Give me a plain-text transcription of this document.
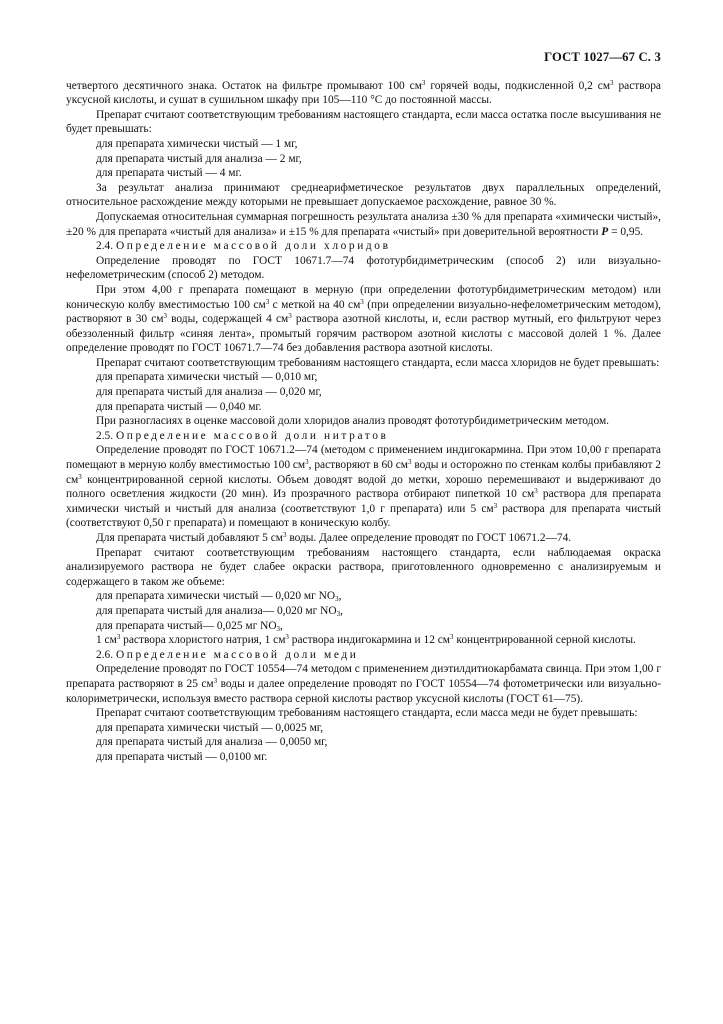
ГОСТ 1027—67 С. 3

четвертого десятичного знака. Остаток на фильтре промывают 100 $см^3$ горячей воды, подкисленной 0,2 $см^3$ раствора уксусной кислоты, и сушат в сушильном шкафу при 105—110 °С до постоянной массы.

Препарат считают соответствующим требованиям настоящего стандарта, если масса остатка после высушивания не будет превышать:

для препарата химически чистый — 1 мг,

для препарата чистый для анализа — 2 мг,

для препарата чистый — 4 мг.

За результат анализа принимают среднеарифметическое результатов двух параллельных определений, относительное расхождение между которыми не превышает допускаемое расхождение, равное 30 %.

Допускаемая относительная суммарная погрешность результата анализа ±30 % для препарата «химически чистый», ±20 % для препарата «чистый для анализа» и ±15 % для препарата «чистый» при доверительной вероятности P = 0,95.

2.4. Определение массовой доли хлоридов

Определение проводят по ГОСТ 10671.7—74 фототурбидиметрическим (способ 2) или визуально-нефелометрическим (способ 2) методом.

При этом 4,00 г препарата помещают в мерную (при определении фототурбидиметрическим методом) или коническую колбу вместимостью 100 $см^3$ с меткой на 40 $см^3$ (при определении визуально-нефелометрическим методом), растворяют в 30 $см^3$ воды, содержащей 4 $см^3$ раствора азотной кислоты, и, если раствор мутный, его фильтруют через обеззоленный фильтр «синяя лента», промытый горячим раствором азотной кислоты с массовой долей 1 %. Далее определение проводят по ГОСТ 10671.7—74 без добавления раствора азотной кислоты.

Препарат считают соответствующим требованиям настоящего стандарта, если масса хлоридов не будет превышать:

для препарата химически чистый — 0,010 мг,

для препарата чистый для анализа — 0,020 мг,

для препарата чистый — 0,040 мг.

При разногласиях в оценке массовой доли хлоридов анализ проводят фототурбидиметрическим методом.

2.5. Определение массовой доли нитратов

Определение проводят по ГОСТ 10671.2—74 (методом с применением индигокармина. При этом 10,00 г препарата помещают в мерную колбу вместимостью 100 $см^3$, растворяют в 60 $см^3$ воды и осторожно по стенкам колбы прибавляют 2 $см^3$ концентрированной серной кислоты. Объем доводят водой до метки, хорошо перемешивают и выдерживают до полного осветления жидкости (20 мин). Из прозрачного раствора отбирают пипеткой 10 $см^3$ раствора для препарата химически чистый и чистый для анализа (соответствуют 1,0 г препарата) или 5 $см^3$ раствора для препарата чистый (соответствуют 0,50 г препарата) и помещают в коническую колбу.

Для препарата чистый добавляют 5 $см^3$ воды. Далее определение проводят по ГОСТ 10671.2—74.

Препарат считают соответствующим требованиям настоящего стандарта, если наблюдаемая окраска анализируемого раствора не будет слабее окраски раствора, приготовленного одновременно с анализируемым и содержащего в таком же объеме:

для препарата химически чистый — 0,020 мг $NO_3$,

для препарата чистый для анализа— 0,020 мг $NO_3$,

для препарата чистый— 0,025 мг $NO_3$,

1 $см^3$ раствора хлористого натрия, 1 $см^3$ раствора индигокармина и 12 $см^3$ концентрированной серной кислоты.

2.6. Определение массовой доли меди

Определение проводят по ГОСТ 10554—74 методом с применением диэтилдитиокарбамата свинца. При этом 1,00 г препарата растворяют в 25 $см^3$ воды и далее определение проводят по ГОСТ 10554—74 фотометрически или визуально-колориметрически, используя вместо раствора серной кислоты раствор уксусной кислоты (ГОСТ 61—75).

Препарат считают соответствующим требованиям настоящего стандарта, если масса меди не будет превышать:

для препарата химически чистый — 0,0025 мг,

для препарата чистый для анализа — 0,0050 мг,

для препарата чистый — 0,0100 мг.
